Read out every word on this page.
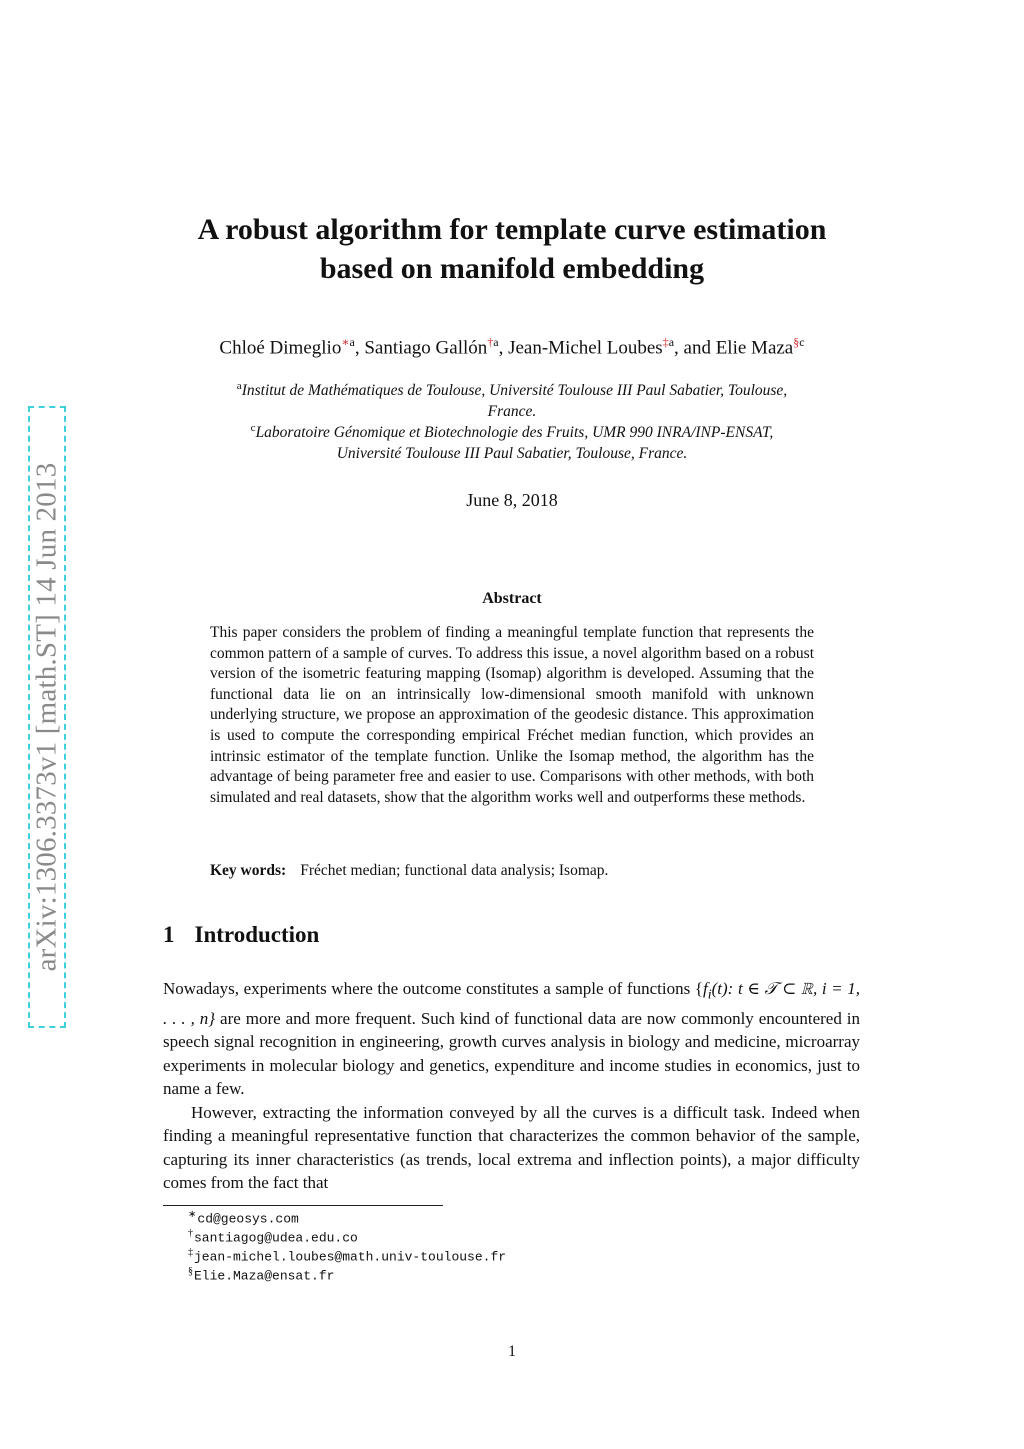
arXiv:1306.3373v1 [math.ST] 14 Jun 2013
A robust algorithm for template curve estimation
based on manifold embedding
Chloé Dimeglio$^{∗a}$, Santiago Gallón$^{\dagger a}$, Jean-Michel Loubes$^{\ddagger a}$, and Elie Maza$^{\S c}$
$^a$Institut de Mathématiques de Toulouse, Université Toulouse III Paul Sabatier, Toulouse,
France.
$^c$Laboratoire Génomique et Biotechnologie des Fruits, UMR 990 INRA/INP-ENSAT,
Université Toulouse III Paul Sabatier, Toulouse, France.
June 8, 2018
Abstract
This paper considers the problem of finding a meaningful template function that represents the common pattern of a sample of curves. To address this issue, a novel algorithm based on a robust version of the isometric featuring mapping (Isomap) algorithm is developed. Assuming that the functional data lie on an intrinsically low-dimensional smooth manifold with unknown underlying structure, we propose an approximation of the geodesic distance. This approximation is used to compute the corresponding empirical Fréchet median function, which provides an intrinsic estimator of the template function. Unlike the Isomap method, the algorithm has the advantage of being parameter free and easier to use. Comparisons with other methods, with both simulated and real datasets, show that the algorithm works well and outperforms these methods.
Key words: Fréchet median; functional data analysis; Isomap.
1 Introduction
Nowadays, experiments where the outcome constitutes a sample of functions {$f_i(t)$: t ∈ 𝒯 ⊂ ℝ, i = 1, . . . , n} are more and more frequent. Such kind of functional data are now commonly encountered in speech signal recognition in engineering, growth curves analysis in biology and medicine, microarray experiments in molecular biology and genetics, expenditure and income studies in economics, just to name a few.
However, extracting the information conveyed by all the curves is a difficult task. Indeed when finding a meaningful representative function that characterizes the common behavior of the sample, capturing its inner characteristics (as trends, local extrema and inflection points), a major difficulty comes from the fact that
∗cd@geosys.com
†santiagog@udea.edu.co
‡jean-michel.loubes@math.univ-toulouse.fr
§Elie.Maza@ensat.fr
1
